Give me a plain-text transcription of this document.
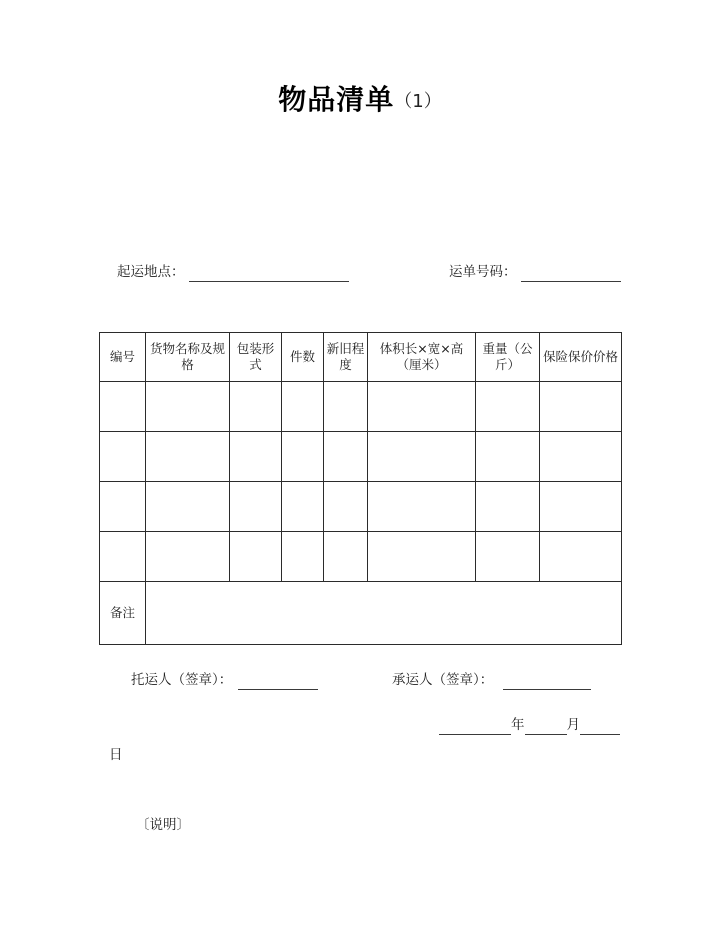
物品清单（1）
起运地点：	运单号码：
编号	货物名称及规格	包装形式	件数	新旧程度	体积长×宽×高（厘米）	重量（公斤）	保险保价价格

备注							
托运人（签章）：	承运人（签章）：
年	月
日
〔说明〕
